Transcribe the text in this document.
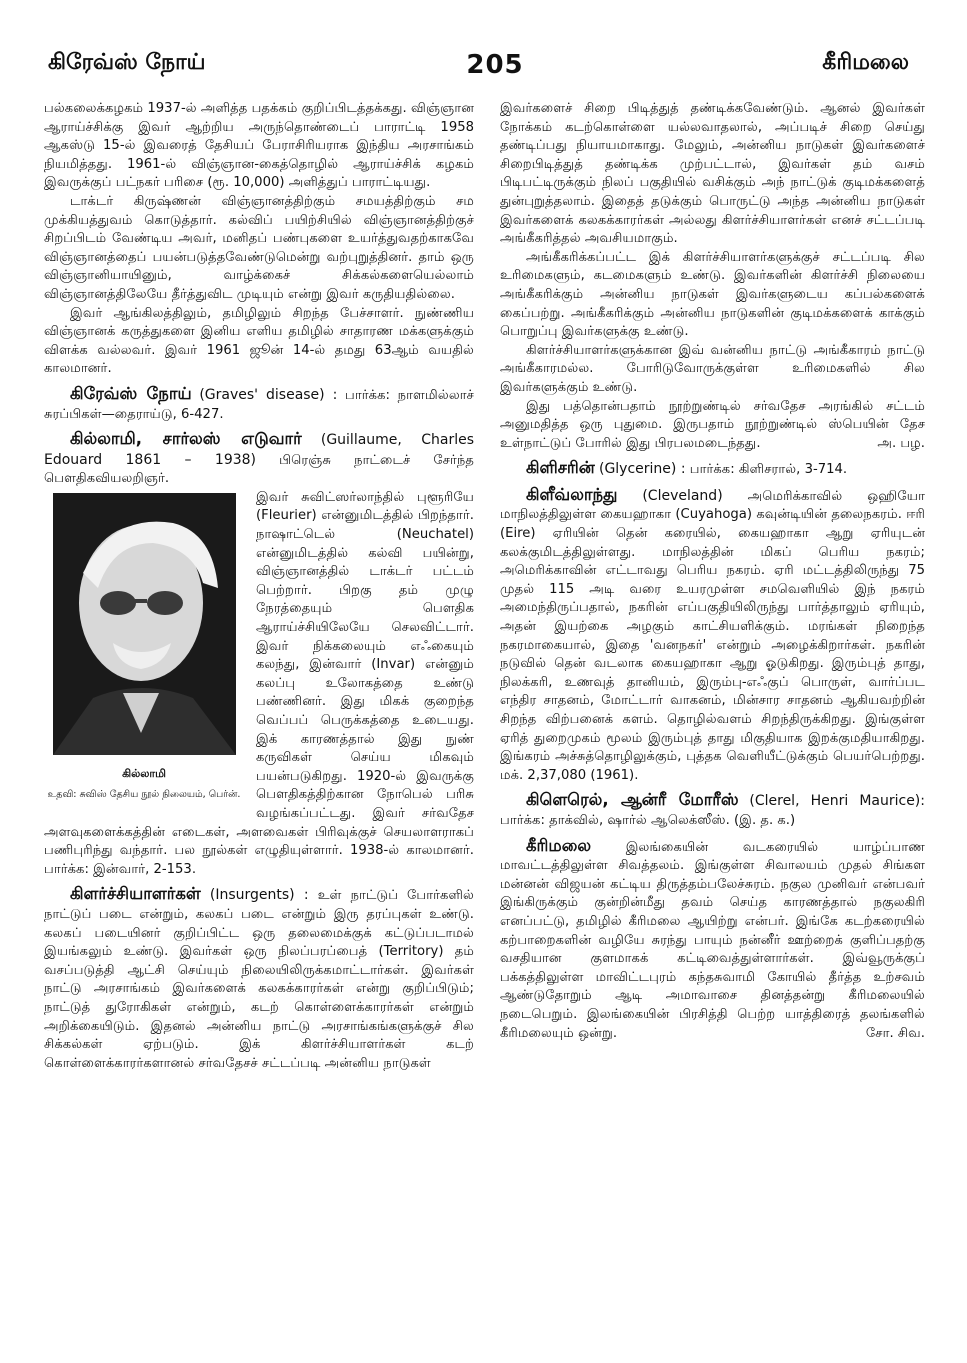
கிரேவ்ஸ் நோய்	205	கீரிமலை

பல்கலைக்கழகம் 1937-ல் அளித்த பதக்கம் குறிப்பிடத்தக்கது. விஞ்ஞான ஆராய்ச்சிக்கு இவர் ஆற்றிய அருந்தொண்டைப் பாராட்டி 1958 ஆகஸ்டு 15-ல் இவரைத் தேசியப் பேராசிரியராக இந்திய அரசாங்கம் நியமித்தது. 1961-ல் விஞ்ஞான-கைத்தொழில் ஆராய்ச்சிக் கழகம் இவருக்குப் பட்நகர் பரிசை (ரூ. 10,000) அளித்துப் பாராட்டியது.

டாக்டர் கிருஷ்ணன் விஞ்ஞானத்திற்கும் சமயத்திற்கும் சம முக்கியத்துவம் கொடுத்தார். கல்விப் பயிற்சியில் விஞ்ஞானத்திற்குச் சிறப்பிடம் வேண்டிய அவர், மனிதப் பண்புகளை உயர்த்துவதற்காகவே விஞ்ஞானத்தைப் பயன்படுத்தவேண்டுமென்று வற்புறுத்தினர். தாம் ஒரு விஞ்ஞானியாயினும், வாழ்க்கைச் சிக்கல்களையெல்லாம் விஞ்ஞானத்திலேயே தீர்த்துவிட முடியும் என்று இவர் கருதியதில்லை.

இவர் ஆங்கிலத்திலும், தமிழிலும் சிறந்த பேச்சாளர். நுண்ணிய விஞ்ஞானக் கருத்துகளை இனிய எளிய தமிழில் சாதாரண மக்களுக்கும் விளக்க வல்லவர். இவர் 1961 ஜூன் 14-ல் தமது 63ஆம் வயதில் காலமானர்.

கிரேவ்ஸ் நோய் (Graves' disease) : பார்க்க: நாளமில்லாச் சுரப்பிகள்—தைராய்டு, 6-427.

கில்லாமி, சார்லஸ் எடுவார் (Guillaume, Charles Edouard 1861 – 1938) பிரெஞ்சு நாட்டைச் சேர்ந்த பௌதிகவியலறிஞர்.

கில்லாமி
உதவி: சுவிஸ் தேசிய நூல் நிலையம், பெர்ன்.

இவர் சுவிட்ஸர்லாந்தில் புளூரியே (Fleurier) என்னுமிடத்தில் பிறந்தார். நாஷாட்டெல் (Neuchatel) என்னுமிடத்தில் கல்வி பயின்று, விஞ்ஞானத்தில் டாக்டர் பட்டம் பெற்றார். பிறகு தம் முழு நேரத்தையும் பௌதிக ஆராய்ச்சியிலேயே செலவிட்டார். இவர் நிக்கலையும் எஃகையும் கலந்து, இன்வார் (Invar) என்னும் கலப்பு உலோகத்தை உண்டு பண்ணினர். இது மிகக் குறைந்த வெப்பப் பெருக்கத்தை உடையது. இக் காரணத்தால் இது நுண் கருவிகள் செய்ய மிகவும் பயன்படுகிறது. 1920-ல் இவருக்கு பௌதிகத்திற்கான நோபெல் பரிசு வழங்கப்பட்டது. இவர் சர்வதேச அளவுகளைக்கத்தின் எடைகள், அளவைகள் பிரிவுக்குச் செயலாளராகப் பணிபுரிந்து வந்தார். பல நூல்கள் எழுதியுள்ளார். 1938-ல் காலமானர். பார்க்க: இன்வார், 2-153.

கிளர்ச்சியாளர்கள் (Insurgents) : உள் நாட்டுப் போர்களில் நாட்டுப் படை என்றும், கலகப் படை என்றும் இரு தரப்புகள் உண்டு. கலகப் படையினர் குறிப்பிட்ட ஒரு தலைமைக்குக் கட்டுப்படாமல் இயங்கலும் உண்டு. இவர்கள் ஒரு நிலப்பரப்பைத் (Territory) தம் வசப்படுத்தி ஆட்சி செய்யும் நிலையிலிருக்கமாட்டார்கள். இவர்கள் நாட்டு அரசாங்கம் இவர்களைக் கலகக்காரர்கள் என்று குறிப்பிடும்; நாட்டுத் துரோகிகள் என்றும், கடற் கொள்ளைக்காரர்கள் என்றும் அறிக்கையிடும். இதனல் அன்னிய நாட்டு அரசாங்கங்களுக்குச் சில சிக்கல்கள் ஏற்படும். இக் கிளர்ச்சியாளர்கள் கடற் கொள்ளைக்காரர்களானல் சர்வதேசச் சட்டப்படி அன்னிய நாடுகள்

இவர்களைச் சிறை பிடித்துத் தண்டிக்கவேண்டும். ஆனல் இவர்கள் நோக்கம் கடற்கொள்ளை யல்லவாதலால், அப்படிச் சிறை செய்து தண்டிப்பது நியாயமாகாது. மேலும், அன்னிய நாடுகள் இவர்களைச் சிறைபிடித்துத் தண்டிக்க முற்பட்டால், இவர்கள் தம் வசம் பிடிபட்டிருக்கும் நிலப் பகுதியில் வசிக்கும் அந் நாட்டுக் குடிமக்களைத் துன்புறுத்தலாம். இதைத் தடுக்கும் பொருட்டு அந்த அன்னிய நாடுகள் இவர்களைக் கலகக்காரர்கள் அல்லது கிளர்ச்சியாளர்கள் எனச் சட்டப்படி அங்கீகரித்தல் அவசியமாகும்.

அங்கீகரிக்கப்பட்ட இக் கிளர்ச்சியாளர்களுக்குச் சட்டப்படி சில உரிமைகளும், கடமைகளும் உண்டு. இவர்களின் கிளர்ச்சி நிலையை அங்கீகரிக்கும் அன்னிய நாடுகள் இவர்களுடைய கப்பல்களைக் கைப்பற்று. அங்கீகரிக்கும் அன்னிய நாடுகளின் குடிமக்களைக் காக்கும் பொறுப்பு இவர்களுக்கு உண்டு.

கிளர்ச்சியாளர்களுக்கான இவ் வன்னிய நாட்டு அங்கீகாரம் நாட்டு அங்கீகாரமல்ல. போரிடுவோருக்குள்ள உரிமைகளில் சில இவர்களுக்கும் உண்டு.

இது பத்தொன்பதாம் நூற்றுண்டில் சர்வதேச அரங்கில் சட்டம் அனுமதித்த ஒரு புதுமை. இருபதாம் நூற்றுண்டில் ஸ்பெயின் தேச உள்நாட்டுப் போரில் இது பிரபலமடைந்தது.	அ. பழ.

கிளிசரின் (Glycerine) : பார்க்க: கிளிசரால், 3-714.

கிளீவ்லாந்து (Cleveland) அமெரிக்காவில் ஒஹியோ மாநிலத்திலுள்ள கையஹாகா (Cuyahoga) கவுன்டியின் தலைநகரம். ஈரி (Eire) ஏரியின் தென் கரையில், கையஹாகா ஆறு ஏரியுடன் கலக்குமிடத்திலுள்ளது. மாநிலத்தின் மிகப் பெரிய நகரம்; அமெரிக்காவின் எட்டாவது பெரிய நகரம். ஏரி மட்டத்திலிருந்து 75 முதல் 115 அடி வரை உயரமுள்ள சமவெளியில் இந் நகரம் அமைந்திருப்பதால், நகரின் எப்பகுதியிலிருந்து பார்த்தாலும் ஏரியும், அதன் இயற்கை அழகும் காட்சியளிக்கும். மரங்கள் நிறைந்த நகரமாகையால், இதை 'வனநகர்' என்றும் அழைக்கிறார்கள். நகரின் நடுவில் தென் வடலாக கையஹாகா ஆறு ஓடுகிறது. இரும்புத் தாது, நிலக்கரி, உணவுத் தானியம், இரும்பு-எஃகுப் பொருள், வார்ப்பட எந்திர சாதனம், மோட்டார் வாகனம், மின்சார சாதனம் ஆகியவற்றின் சிறந்த விற்பனைக் களம். தொழில்வளம் சிறந்திருக்கிறது. இங்குள்ள ஏரித் துறைமுகம் மூலம் இரும்புத் தாது மிகுதியாக இறக்குமதியாகிறது. இங்கரம் அச்சுத்தொழிலுக்கும், புத்தக வெளியீட்டுக்கும் பெயர்பெற்றது. மக். 2,37,080 (1961).

கிளெரெல், ஆன்ரீ மோரீஸ் (Clerel, Henri Maurice): பார்க்க: தாக்வில், ஷார்ல் ஆலெக்ஸீஸ். (இ. த. க.)

கீரிமலை	இலங்கையின் வடகரையில் யாழ்ப்பாண மாவட்டத்திலுள்ள சிவத்தலம். இங்குள்ள சிவாலயம் முதல் சிங்கள மன்னன் விஜயன் கட்டிய திருத்தம்பலேச்சுரம். நகுல முனிவர் என்பவர் இங்கிருக்கும் குன்றின்மீது தவம் செய்த காரணத்தால் நகுலகிரி எனப்பட்டு, தமிழில் கீரிமலை ஆயிற்று என்பர். இங்கே கடற்கரையில் கற்பாறைகளின் வழியே சுரந்து பாயும் நன்னீர் ஊற்றைக் குளிப்பதற்கு வசதியான குளமாகக் கட்டிவைத்துள்ளார்கள். இவ்வூருக்குப் பக்கத்திலுள்ள மாவிட்டபுரம் கந்தசுவாமி கோயில் தீர்த்த உற்சவம் ஆண்டுதோறும் ஆடி அமாவாசை தினத்தன்று கீரிமலையில் நடைபெறும். இலங்கையின் பிரசித்தி பெற்ற யாத்திரைத் தலங்களில் கீரிமலையும் ஒன்று.	சோ. சிவ.
